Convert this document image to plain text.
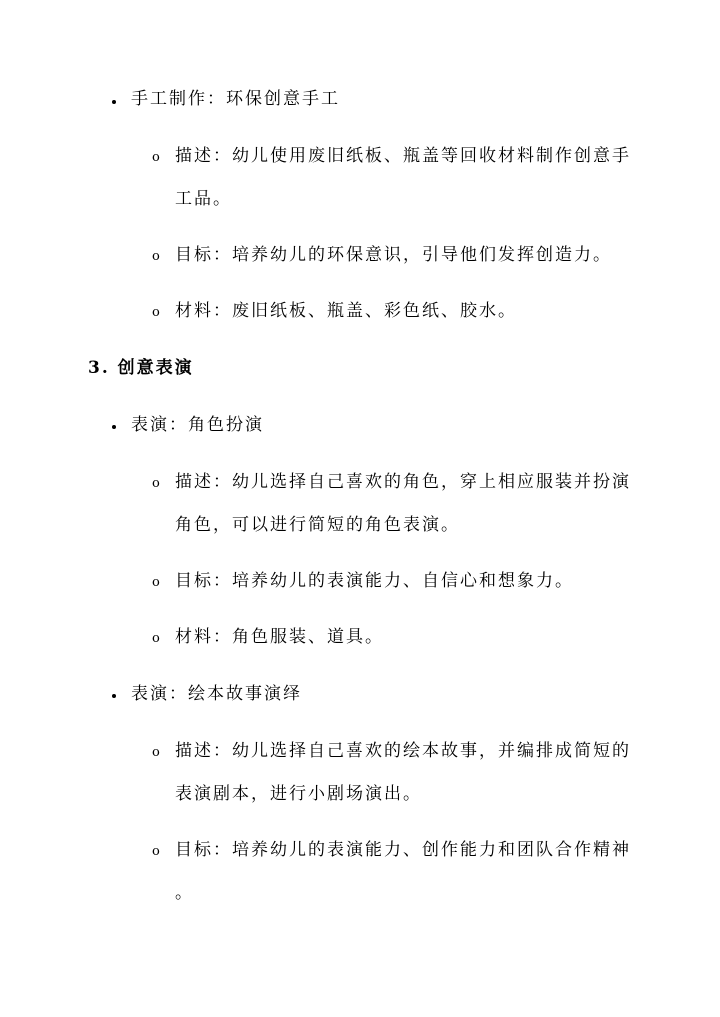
手工制作：环保创意手工
o 描述：幼儿使用废旧纸板、瓶盖等回收材料制作创意手
工品。
o 目标：培养幼儿的环保意识，引导他们发挥创造力。
o 材料：废旧纸板、瓶盖、彩色纸、胶水。
3. 创意表演
表演：角色扮演
o 描述：幼儿选择自己喜欢的角色，穿上相应服装并扮演
角色，可以进行简短的角色表演。
o 目标：培养幼儿的表演能力、自信心和想象力。
o 材料：角色服装、道具。
表演：绘本故事演绎
o 描述：幼儿选择自己喜欢的绘本故事，并编排成简短的
表演剧本，进行小剧场演出。
o 目标：培养幼儿的表演能力、创作能力和团队合作精神
。
